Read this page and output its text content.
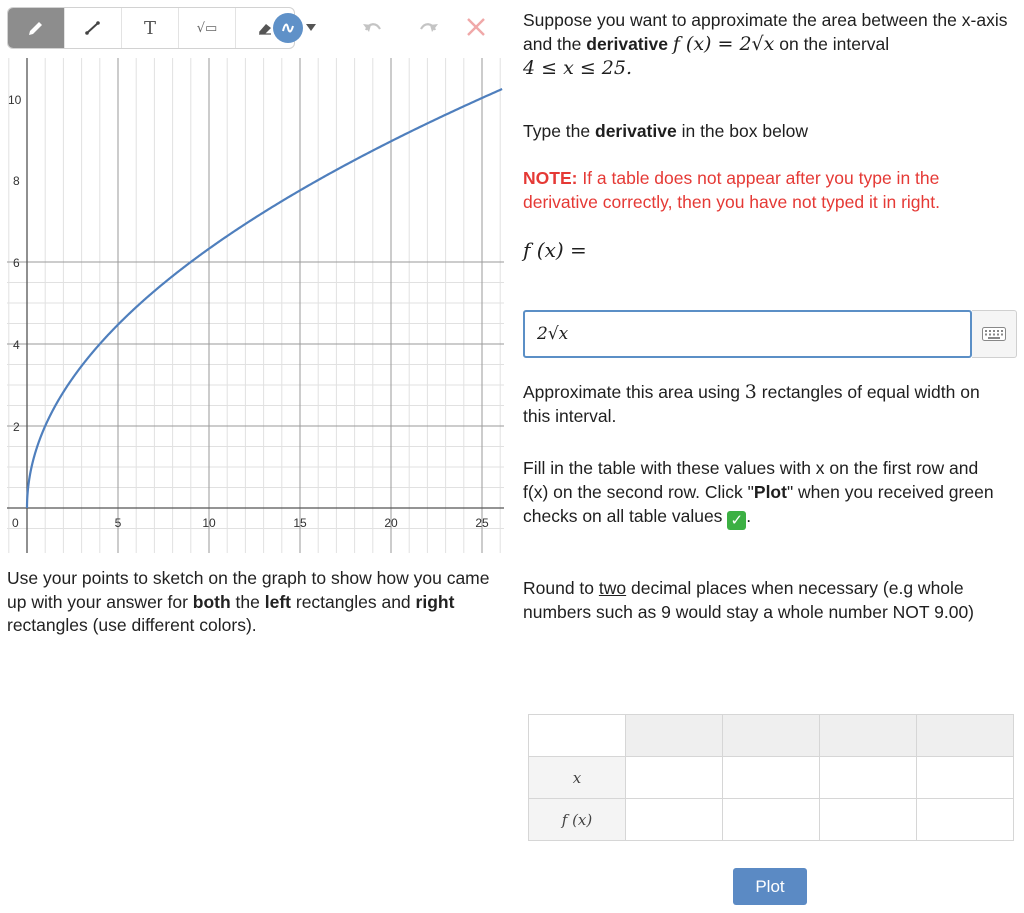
T	√▭
10
8
6
4
2
0	5	10	15	20	25
Use your points to sketch on the graph to show how you came up with your answer for both the left rectangles and right rectangles (use different colors).
Suppose you want to approximate the area between the x-axis and the derivative f (x) = 2√x on the interval
4 ≤ x ≤ 25.
Type the derivative in the box below
NOTE: If a table does not appear after you type in the derivative correctly, then you have not typed it in right.
f (x) =
Approximate this area using 3 rectangles of equal width on this interval.
Fill in the table with these values with x on the first row and f(x) on the second row. Click "Plot" when you received green checks on all table values ✓ .
Round to two decimal places when necessary (e.g whole numbers such as 9 would stay a whole number NOT 9.00)
2√x

x				
f (x)				
Plot
